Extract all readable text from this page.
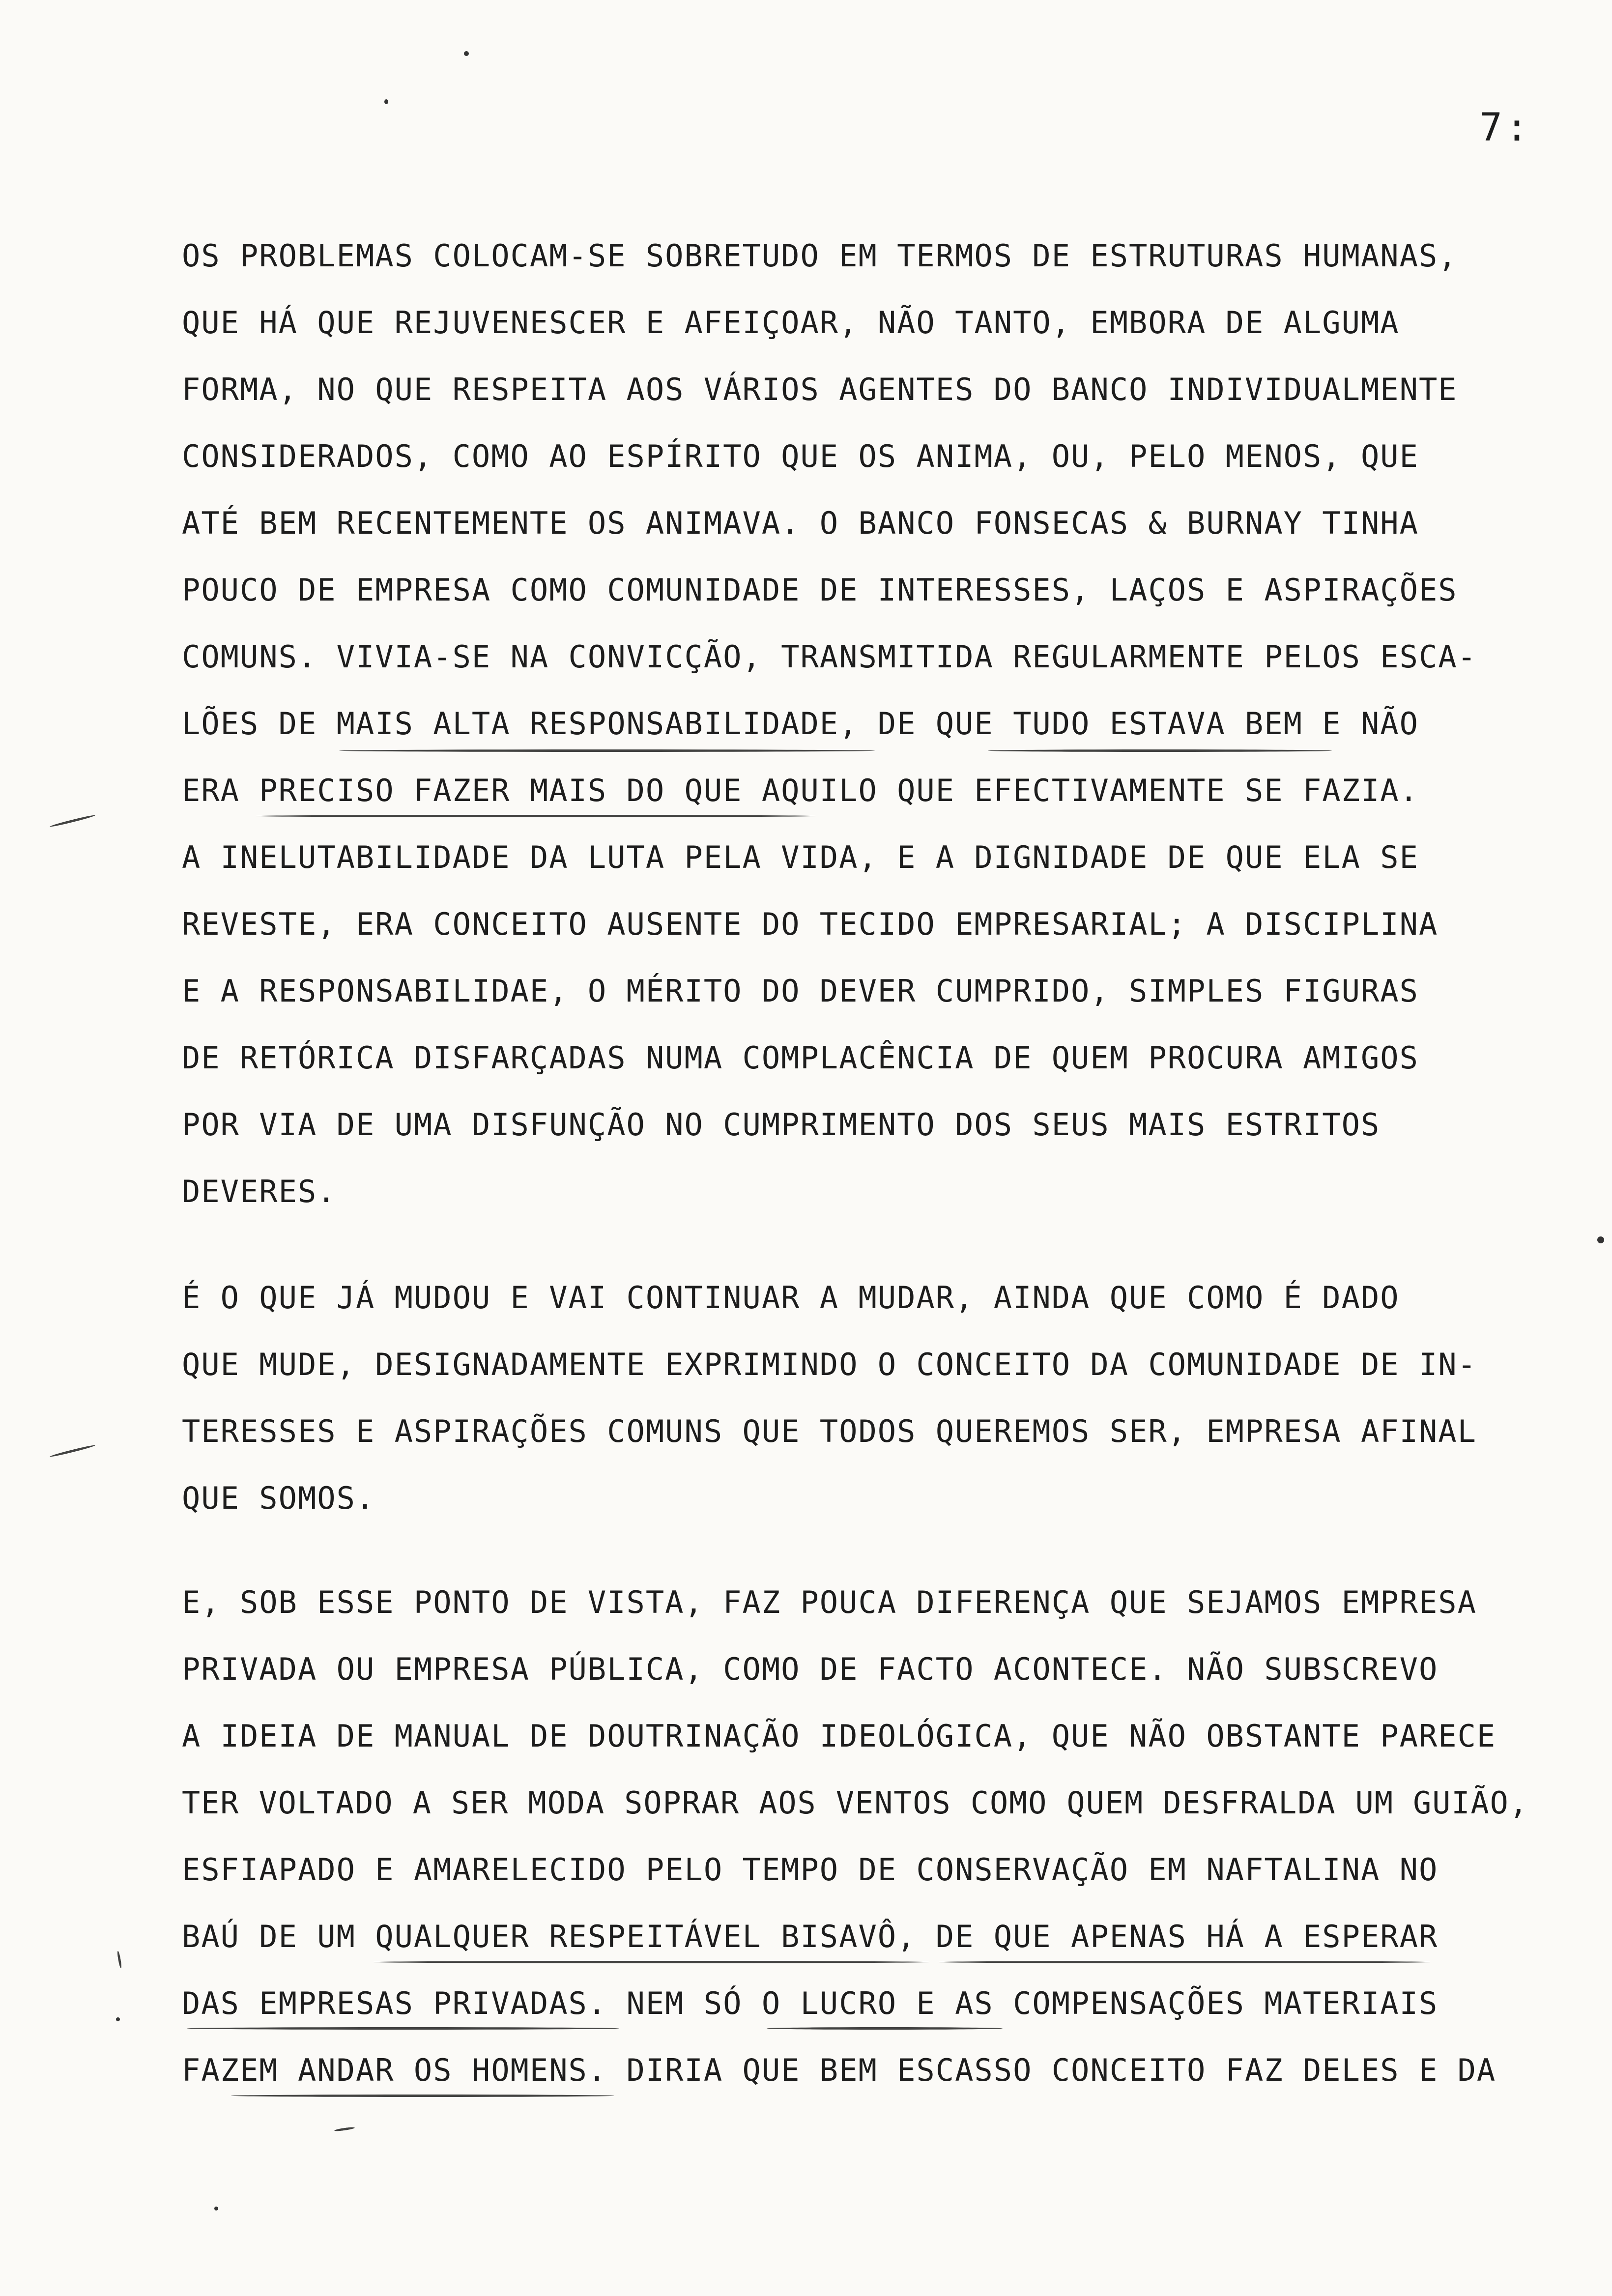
7:
OS PROBLEMAS COLOCAM-SE SOBRETUDO EM TERMOS DE ESTRUTURAS HUMANAS,
QUE HÁ QUE REJUVENESCER E AFEIÇOAR, NÃO TANTO, EMBORA DE ALGUMA
FORMA, NO QUE RESPEITA AOS VÁRIOS AGENTES DO BANCO INDIVIDUALMENTE
CONSIDERADOS, COMO AO ESPÍRITO QUE OS ANIMA, OU, PELO MENOS, QUE
ATÉ BEM RECENTEMENTE OS ANIMAVA. O BANCO FONSECAS & BURNAY TINHA
POUCO DE EMPRESA COMO COMUNIDADE DE INTERESSES, LAÇOS E ASPIRAÇÕES
COMUNS. VIVIA-SE NA CONVICÇÃO, TRANSMITIDA REGULARMENTE PELOS ESCA-
LÕES DE MAIS ALTA RESPONSABILIDADE, DE QUE TUDO ESTAVA BEM E NÃO
ERA PRECISO FAZER MAIS DO QUE AQUILO QUE EFECTIVAMENTE SE FAZIA.
A INELUTABILIDADE DA LUTA PELA VIDA, E A DIGNIDADE DE QUE ELA SE
REVESTE, ERA CONCEITO AUSENTE DO TECIDO EMPRESARIAL; A DISCIPLINA
E A RESPONSABILIDAE, O MÉRITO DO DEVER CUMPRIDO, SIMPLES FIGURAS
DE RETÓRICA DISFARÇADAS NUMA COMPLACÊNCIA DE QUEM PROCURA AMIGOS
POR VIA DE UMA DISFUNÇÃO NO CUMPRIMENTO DOS SEUS MAIS ESTRITOS
DEVERES.
É O QUE JÁ MUDOU E VAI CONTINUAR A MUDAR, AINDA QUE COMO É DADO
QUE MUDE, DESIGNADAMENTE EXPRIMINDO O CONCEITO DA COMUNIDADE DE IN-
TERESSES E ASPIRAÇÕES COMUNS QUE TODOS QUEREMOS SER, EMPRESA AFINAL
QUE SOMOS.
E, SOB ESSE PONTO DE VISTA, FAZ POUCA DIFERENÇA QUE SEJAMOS EMPRESA
PRIVADA OU EMPRESA PÚBLICA, COMO DE FACTO ACONTECE. NÃO SUBSCREVO
A IDEIA DE MANUAL DE DOUTRINAÇÃO IDEOLÓGICA, QUE NÃO OBSTANTE PARECE
TER VOLTADO A SER MODA SOPRAR AOS VENTOS COMO QUEM DESFRALDA UM GUIÃO,
ESFIAPADO E AMARELECIDO PELO TEMPO DE CONSERVAÇÃO EM NAFTALINA NO
BAÚ DE UM QUALQUER RESPEITÁVEL BISAVÔ, DE QUE APENAS HÁ A ESPERAR
DAS EMPRESAS PRIVADAS. NEM SÓ O LUCRO E AS COMPENSAÇÕES MATERIAIS
FAZEM ANDAR OS HOMENS. DIRIA QUE BEM ESCASSO CONCEITO FAZ DELES E DA
